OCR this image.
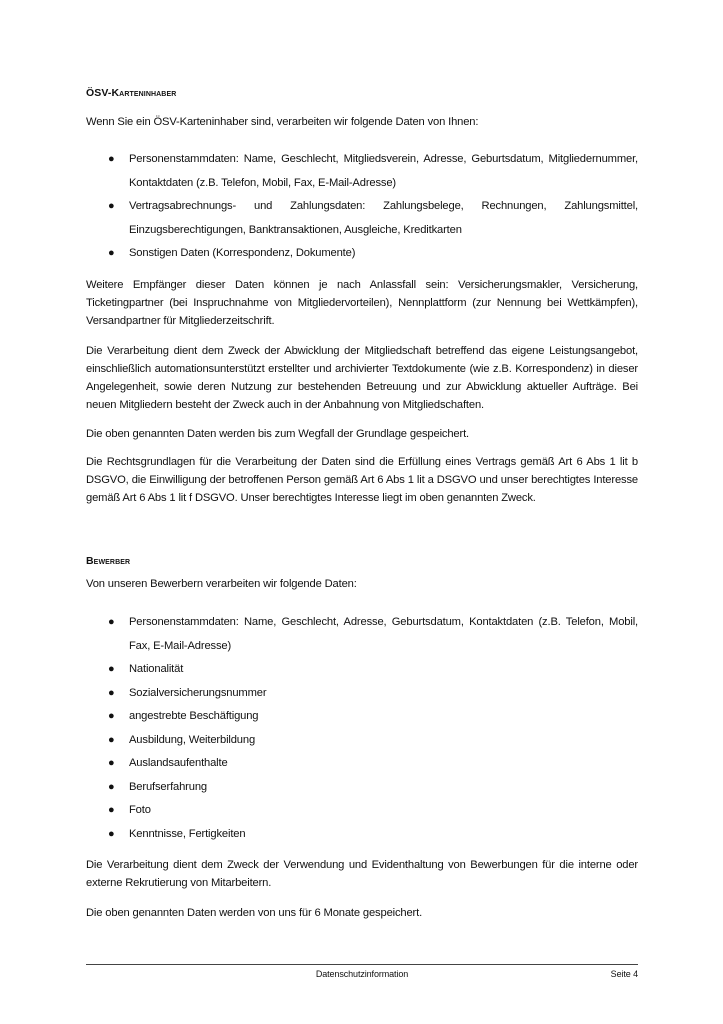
ÖSV-Karteninhaber
Wenn Sie ein ÖSV-Karteninhaber sind, verarbeiten wir folgende Daten von Ihnen:
● Personenstammdaten: Name, Geschlecht, Mitgliedsverein, Adresse, Geburtsdatum, Mitgliedernummer, Kontaktdaten (z.B. Telefon, Mobil, Fax, E-Mail-Adresse)
● Vertragsabrechnungs- und Zahlungsdaten: Zahlungsbelege, Rechnungen, Zahlungsmittel, Einzugsberechtigungen, Banktransaktionen, Ausgleiche, Kreditkarten
● Sonstigen Daten (Korrespondenz, Dokumente)
Weitere Empfänger dieser Daten können je nach Anlassfall sein: Versicherungsmakler, Versicherung, Ticketingpartner (bei Inspruchnahme von Mitgliedervorteilen), Nennplattform (zur Nennung bei Wettkämpfen), Versandpartner für Mitgliederzeitschrift.
Die Verarbeitung dient dem Zweck der Abwicklung der Mitgliedschaft betreffend das eigene Leistungsangebot, einschließlich automationsunterstützt erstellter und archivierter Textdokumente (wie z.B. Korrespondenz) in dieser Angelegenheit, sowie deren Nutzung zur bestehenden Betreuung und zur Abwicklung aktueller Aufträge. Bei neuen Mitgliedern besteht der Zweck auch in der Anbahnung von Mitgliedschaften.
Die oben genannten Daten werden bis zum Wegfall der Grundlage gespeichert.
Die Rechtsgrundlagen für die Verarbeitung der Daten sind die Erfüllung eines Vertrags gemäß Art 6 Abs 1 lit b DSGVO, die Einwilligung der betroffenen Person gemäß Art 6 Abs 1 lit a DSGVO und unser berechtigtes Interesse gemäß Art 6 Abs 1 lit f DSGVO. Unser berechtigtes Interesse liegt im oben genannten Zweck.
Bewerber
Von unseren Bewerbern verarbeiten wir folgende Daten:
● Personenstammdaten: Name, Geschlecht, Adresse, Geburtsdatum, Kontaktdaten (z.B. Telefon, Mobil, Fax, E-Mail-Adresse)
● Nationalität
● Sozialversicherungsnummer
● angestrebte Beschäftigung
● Ausbildung, Weiterbildung
● Auslandsaufenthalte
● Berufserfahrung
● Foto
● Kenntnisse, Fertigkeiten
Die Verarbeitung dient dem Zweck der Verwendung und Evidenthaltung von Bewerbungen für die interne oder externe Rekrutierung von Mitarbeitern.
Die oben genannten Daten werden von uns für 6 Monate gespeichert.
Datenschutzinformation	Seite 4
